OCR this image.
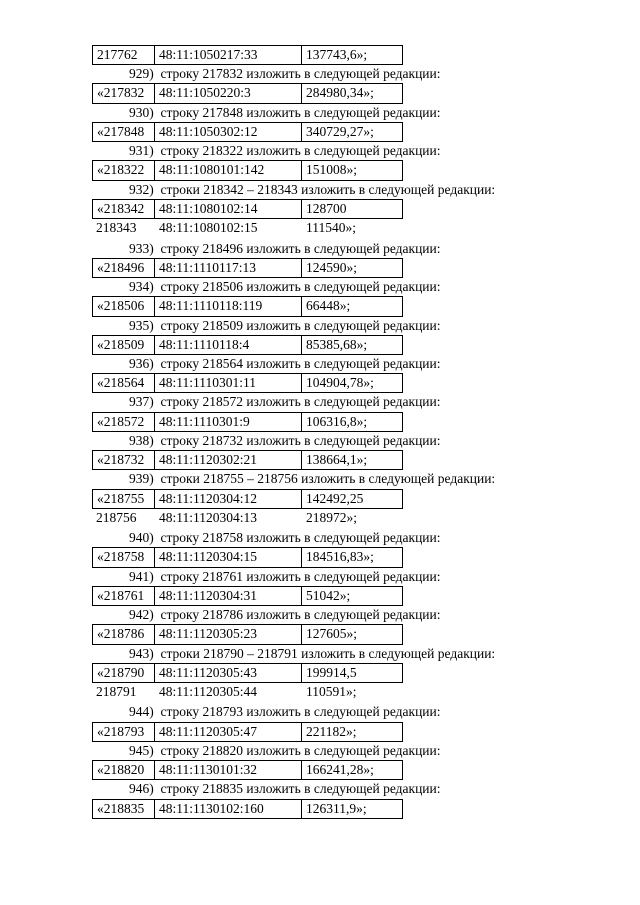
217762	48:11:1050217:33	137743,6»;
929)  строку 217832 изложить в следующей редакции:
«217832	48:11:1050220:3	284980,34»;
930)  строку 217848 изложить в следующей редакции:
«217848	48:11:1050302:12	340729,27»;
931)  строку 218322 изложить в следующей редакции:
«218322	48:11:1080101:142	151008»;
932)  строки 218342 – 218343 изложить в следующей редакции:
«218342	48:11:1080102:14	128700
218343	48:11:1080102:15	111540»;
933)  строку 218496 изложить в следующей редакции:
«218496	48:11:1110117:13	124590»;
934)  строку 218506 изложить в следующей редакции:
«218506	48:11:1110118:119	66448»;
935)  строку 218509 изложить в следующей редакции:
«218509	48:11:1110118:4	85385,68»;
936)  строку 218564 изложить в следующей редакции:
«218564	48:11:1110301:11	104904,78»;
937)  строку 218572 изложить в следующей редакции:
«218572	48:11:1110301:9	106316,8»;
938)  строку 218732 изложить в следующей редакции:
«218732	48:11:1120302:21	138664,1»;
939)  строки 218755 – 218756 изложить в следующей редакции:
«218755	48:11:1120304:12	142492,25
218756	48:11:1120304:13	218972»;
940)  строку 218758 изложить в следующей редакции:
«218758	48:11:1120304:15	184516,83»;
941)  строку 218761 изложить в следующей редакции:
«218761	48:11:1120304:31	51042»;
942)  строку 218786 изложить в следующей редакции:
«218786	48:11:1120305:23	127605»;
943)  строки 218790 – 218791 изложить в следующей редакции:
«218790	48:11:1120305:43	199914,5
218791	48:11:1120305:44	110591»;
944)  строку 218793 изложить в следующей редакции:
«218793	48:11:1120305:47	221182»;
945)  строку 218820 изложить в следующей редакции:
«218820	48:11:1130101:32	166241,28»;
946)  строку 218835 изложить в следующей редакции:
«218835	48:11:1130102:160	126311,9»;
